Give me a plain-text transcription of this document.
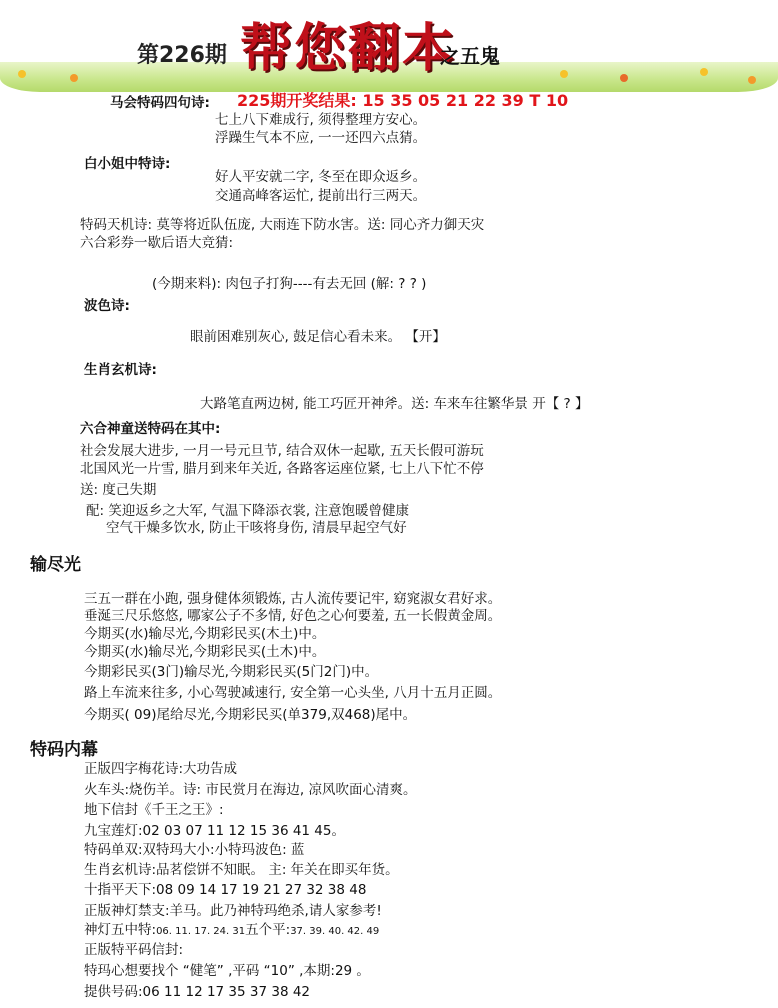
第226期 帮您翻本
之五鬼
马会特码四句诗: 225期开奖结果: 15 35 05 21 22 39 T 10
七上八下难成行, 须得整理方安心。
浮躁生气本不应, 一一还四六点猜。
白小姐中特诗:
好人平安就二字, 冬至在即众返乡。
交通高峰客运忙, 提前出行三两天。
特码天机诗: 莫等将近队伍庞, 大雨连下防水害。送: 同心齐力御天灾
六合彩券一歇后语大竞猜:
(今期来料): 肉包子打狗----有去无回 (解: ? ? )
波色诗:
眼前困难别灰心, 鼓足信心看未来。 【开】
生肖玄机诗:
大路笔直两边树, 能工巧匠开神斧。送: 车来车往繁华景 开【 ? 】
六合神童送特码在其中:
社会发展大进步, 一月一号元旦节, 结合双休一起歇, 五天长假可游玩
北国风光一片雪, 腊月到来年关近, 各路客运座位紧, 七上八下忙不停
送: 度己失期
配: 笑迎返乡之大军, 气温下降添衣裳, 注意饱暖曾健康
空气干燥多饮水, 防止干咳将身伤, 清晨早起空气好
输尽光
三五一群在小跑, 强身健体须锻炼, 古人流传要记牢, 窈窕淑女君好求。
垂涎三尺乐悠悠, 哪家公子不多情, 好色之心何要羞, 五一长假黄金周。
今期买(水)输尽光,今期彩民买(木土)中。
今期买(水)输尽光,今期彩民买(土木)中。
今期彩民买(3门)输尽光,今期彩民买(5门2门)中。
路上车流来往多, 小心驾驶减速行, 安全第一心头坐, 八月十五月正圆。
今期买( 09)尾给尽光,今期彩民买(单379,双468)尾中。
特码内幕
正版四字梅花诗:大功告成
火车头:烧伤羊。诗: 市民赏月在海边, 凉风吹面心清爽。
地下信封《千王之王》:
九宝莲灯:02 03 07 11 12 15 36 41 45。
特码单双:双特玛大小:小特玛波色: 蓝
生肖玄机诗:品茗偿饼不知眠。 主: 年关在即买年货。
十指平天下:08 09 14 17 19 21 27 32 38 48
正版神灯禁支:羊马。此乃神特玛绝杀,请人家参考!
神灯五中特:06. 11. 17. 24. 31五个平:37. 39. 40. 42. 49
正版特平码信封:
特玛心想要找个 “健笔” ,平码 “10” ,本期:29 。
提供号码:06 11 12 17 35 37 38 42
